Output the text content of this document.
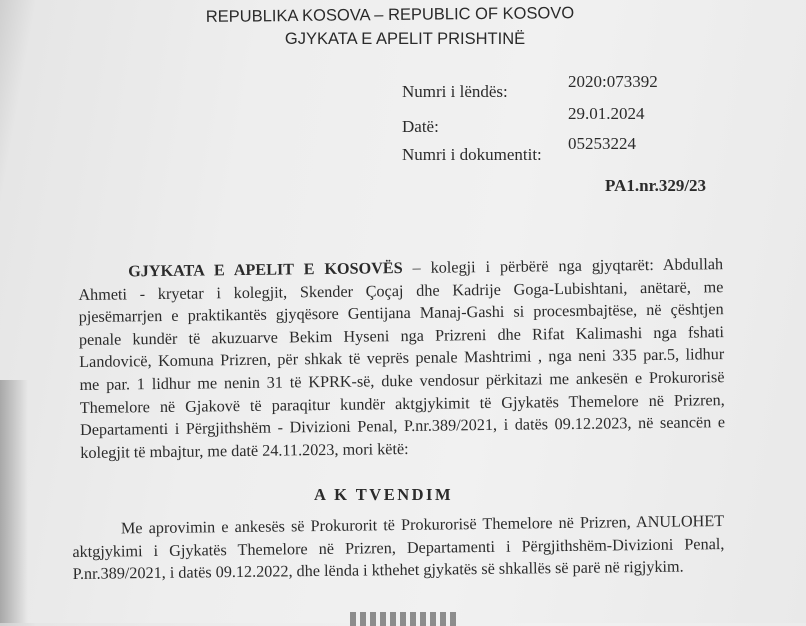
REPUBLIKA KOSOVA – REPUBLIC OF KOSOVO
GJYKATA E APELIT PRISHTINË
Numri i lëndës:
2020:073392
Datë:
29.01.2024
Numri i dokumentit:
05253224
PA1.nr.329/23
GJYKATA E APELIT E KOSOVËS – kolegji i përbërë nga gjyqtarët: Abdullah
Ahmeti - kryetar i kolegjit, Skender Çoçaj dhe Kadrije Goga-Lubishtani, anëtarë, me
pjesëmarrjen e praktikantës gjyqësore Gentijana Manaj-Gashi si procesmbajtëse, në çështjen
penale kundër të akuzuarve Bekim Hyseni nga Prizreni dhe Rifat Kalimashi nga fshati
Landovicë, Komuna Prizren, për shkak të veprës penale Mashtrimi , nga neni 335 par.5, lidhur
me par. 1 lidhur me nenin 31 të KPRK-së, duke vendosur përkitazi me ankesën e Prokurorisë
Themelore në Gjakovë të paraqitur kundër aktgjykimit të Gjykatës Themelore në Prizren,
Departamenti i Përgjithshëm - Divizioni Penal, P.nr.389/2021, i datës 09.12.2023, në seancën e
kolegjit të mbajtur, me datë 24.11.2023, mori këtë:
A K TVENDIM
Me aprovimin e ankesës së Prokurorit të Prokurorisë Themelore në Prizren, ANULOHET
aktgjykimi i Gjykatës Themelore në Prizren, Departamenti i Përgjithshëm-Divizioni Penal,
P.nr.389/2021, i datës 09.12.2022, dhe lënda i kthehet gjykatës së shkallës së parë në rigjykim.
